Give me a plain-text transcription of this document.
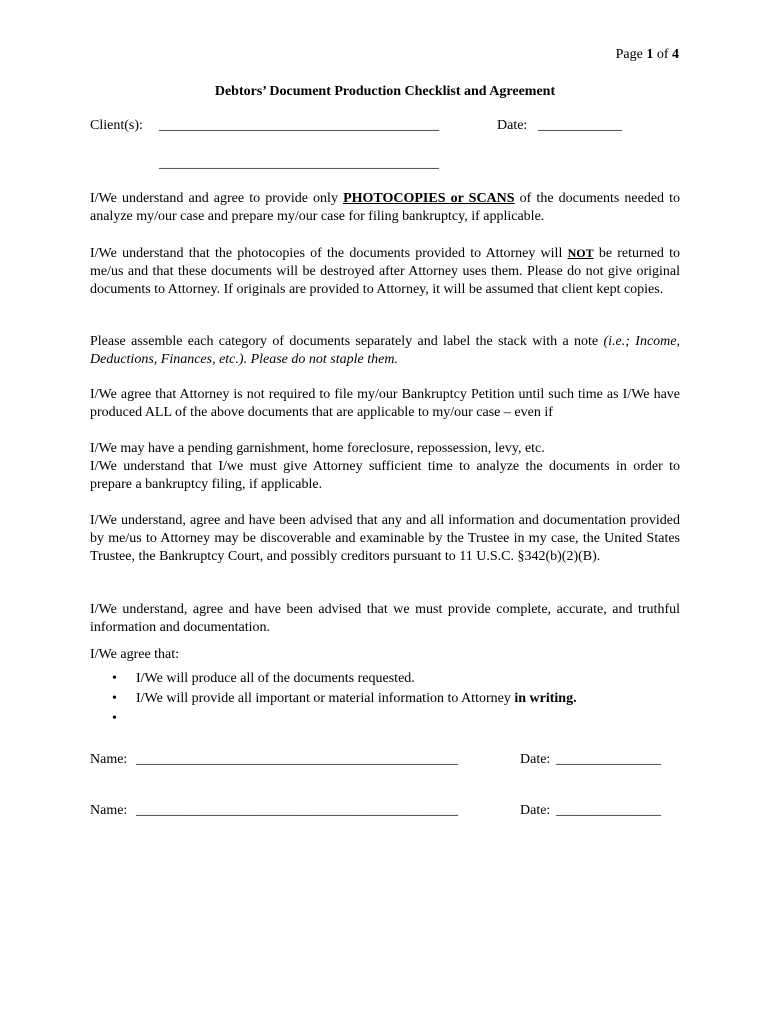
Page 1 of 4
Debtors’ Document Production Checklist and Agreement
Client(s): ________________________________________	Date: ____________
________________________________________

I/We understand and agree to provide only PHOTOCOPIES or SCANS of the documents needed to analyze my/our case and prepare my/our case for filing bankruptcy, if applicable.

I/We understand that the photocopies of the documents provided to Attorney will NOT be returned to me/us and that these documents will be destroyed after Attorney uses them. Please do not give original documents to Attorney. If originals are provided to Attorney, it will be assumed that client kept copies.

Please assemble each category of documents separately and label the stack with a note (i.e.; Income, Deductions, Finances, etc.). Please do not staple them.

I/We agree that Attorney is not required to file my/our Bankruptcy Petition until such time as I/We have produced ALL of the above documents that are applicable to my/our case – even if

I/We may have a pending garnishment, home foreclosure, repossession, levy, etc.

I/We understand that I/we must give Attorney sufficient time to analyze the documents in order to prepare a bankruptcy filing, if applicable.

I/We understand, agree and have been advised that any and all information and documentation provided by me/us to Attorney may be discoverable and examinable by the Trustee in my case, the United States Trustee, the Bankruptcy Court, and possibly creditors pursuant to 11 U.S.C. §342(b)(2)(B).
I/We understand, agree and have been advised that we must provide complete, accurate, and truthful information and documentation.
I/We agree that:
• I/We will produce all of the documents requested.
• I/We will provide all important or material information to Attorney in writing.
•
Name: ______________________________________________	Date: _______________
Name: ______________________________________________	Date: _______________
